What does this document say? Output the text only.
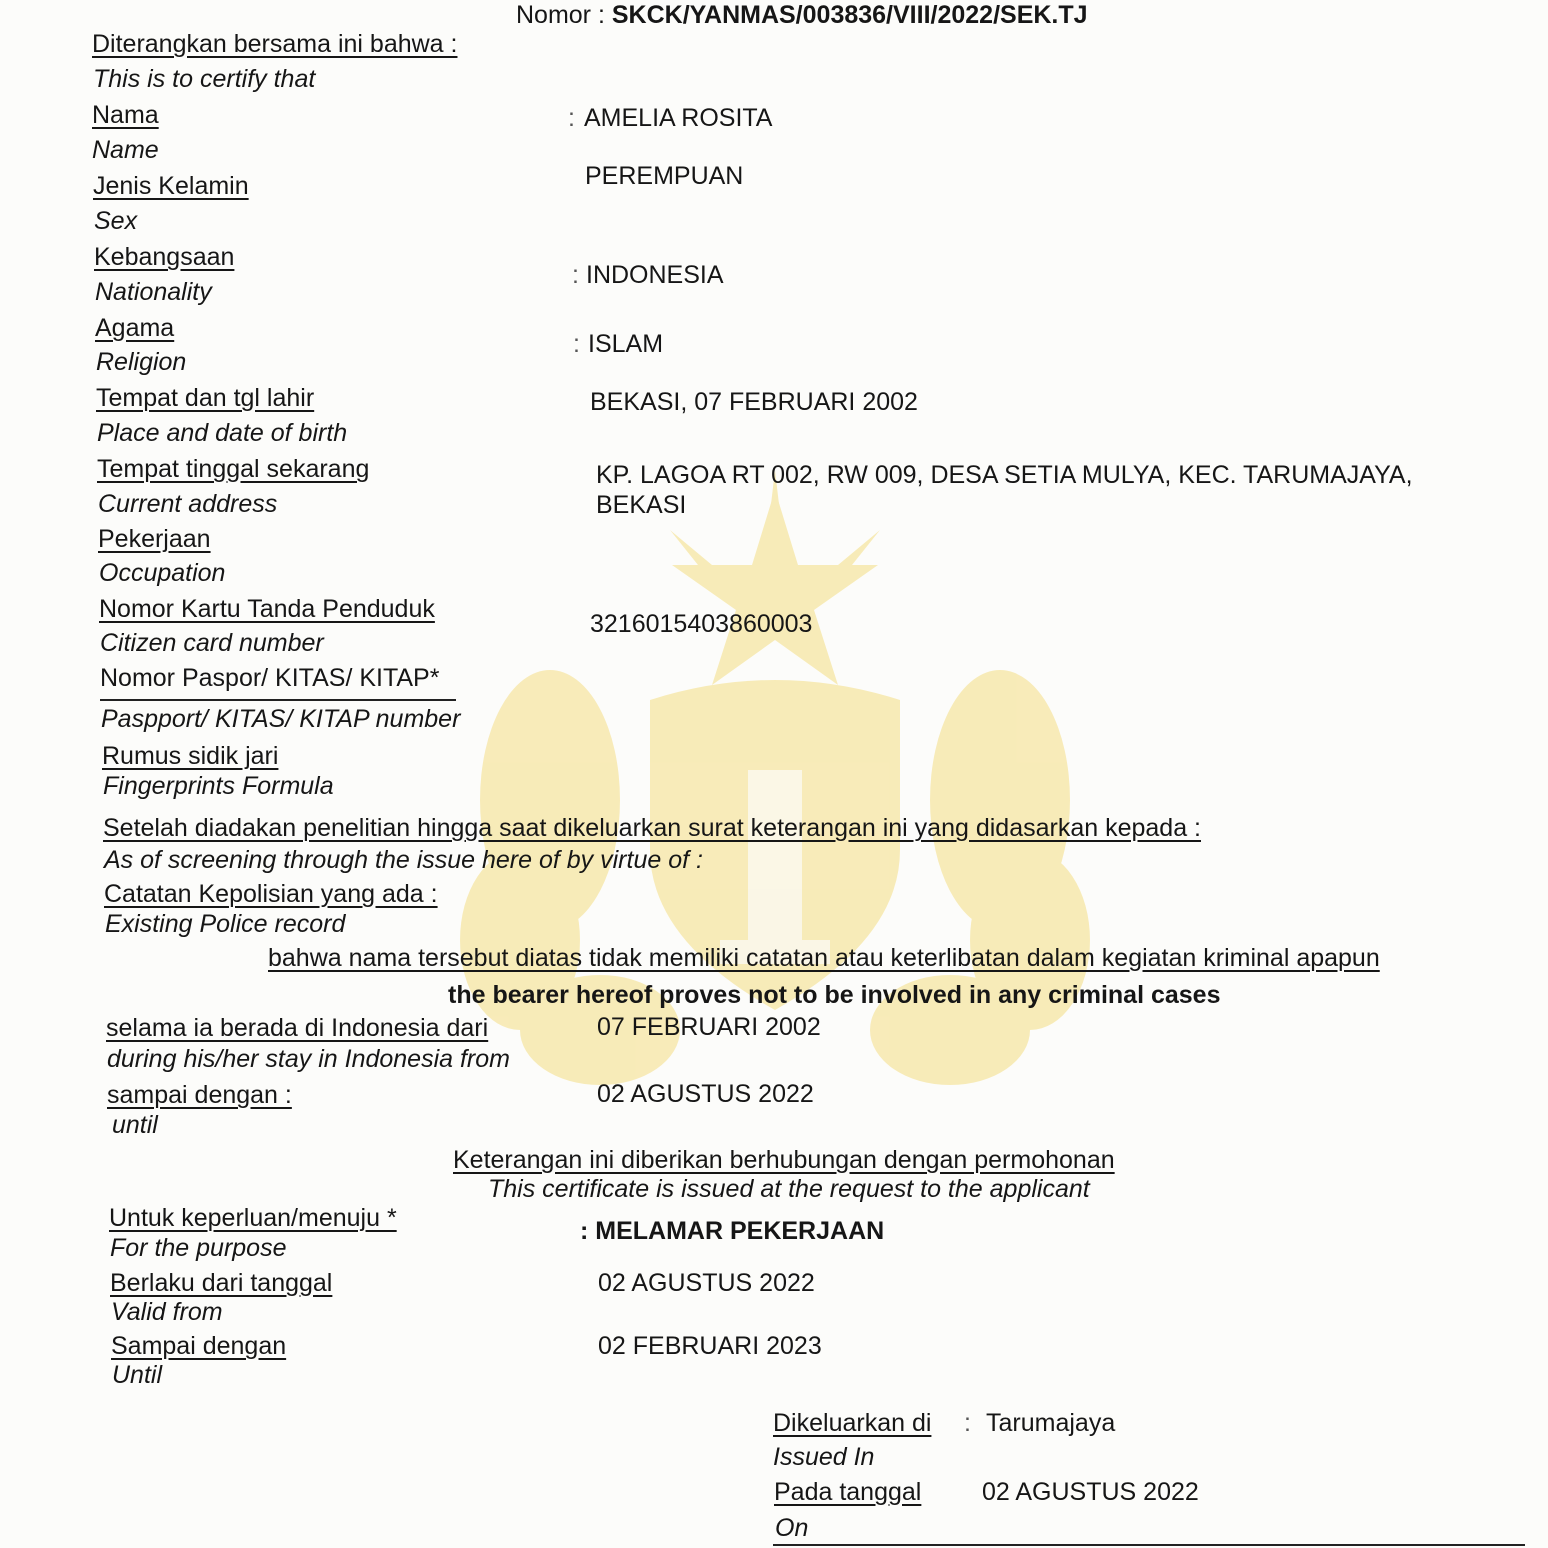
Nomor : SKCK/YANMAS/003836/VIII/2022/SEK.TJ
Diterangkan bersama ini bahwa :
This is to certify that
Nama
Name
: AMELIA ROSITA
Jenis Kelamin
Sex
PEREMPUAN
Kebangsaan
Nationality
: INDONESIA
Agama
Religion
: ISLAM
Tempat dan tgl lahir
Place and date of birth
BEKASI, 07 FEBRUARI 2002
Tempat tinggal sekarang
Current address
KP. LAGOA RT 002, RW 009, DESA SETIA MULYA, KEC. TARUMAJAYA,
BEKASI
Pekerjaan
Occupation
Nomor Kartu Tanda Penduduk
Citizen card number
3216015403860003
Nomor Paspor/ KITAS/ KITAP*
Paspport/ KITAS/ KITAP number
Rumus sidik jari
Fingerprints Formula
Setelah diadakan penelitian hingga saat dikeluarkan surat keterangan ini yang didasarkan kepada :
As of screening through the issue here of by virtue of :
Catatan Kepolisian yang ada :
Existing Police record
bahwa nama tersebut diatas tidak memiliki catatan atau keterlibatan dalam kegiatan kriminal apapun
the bearer hereof proves not to be involved in any criminal cases
selama ia berada di Indonesia dari
during his/her stay in Indonesia from
07 FEBRUARI 2002
sampai dengan :
until
02 AGUSTUS 2022
Keterangan ini diberikan berhubungan dengan permohonan
This certificate is issued at the request to the applicant
Untuk keperluan/menuju *
For the purpose
: MELAMAR PEKERJAAN
Berlaku dari tanggal
Valid from
02 AGUSTUS 2022
Sampai dengan
Until
02 FEBRUARI 2023
Dikeluarkan di
Issued In
: Tarumajaya
Pada tanggal
On
02 AGUSTUS 2022
